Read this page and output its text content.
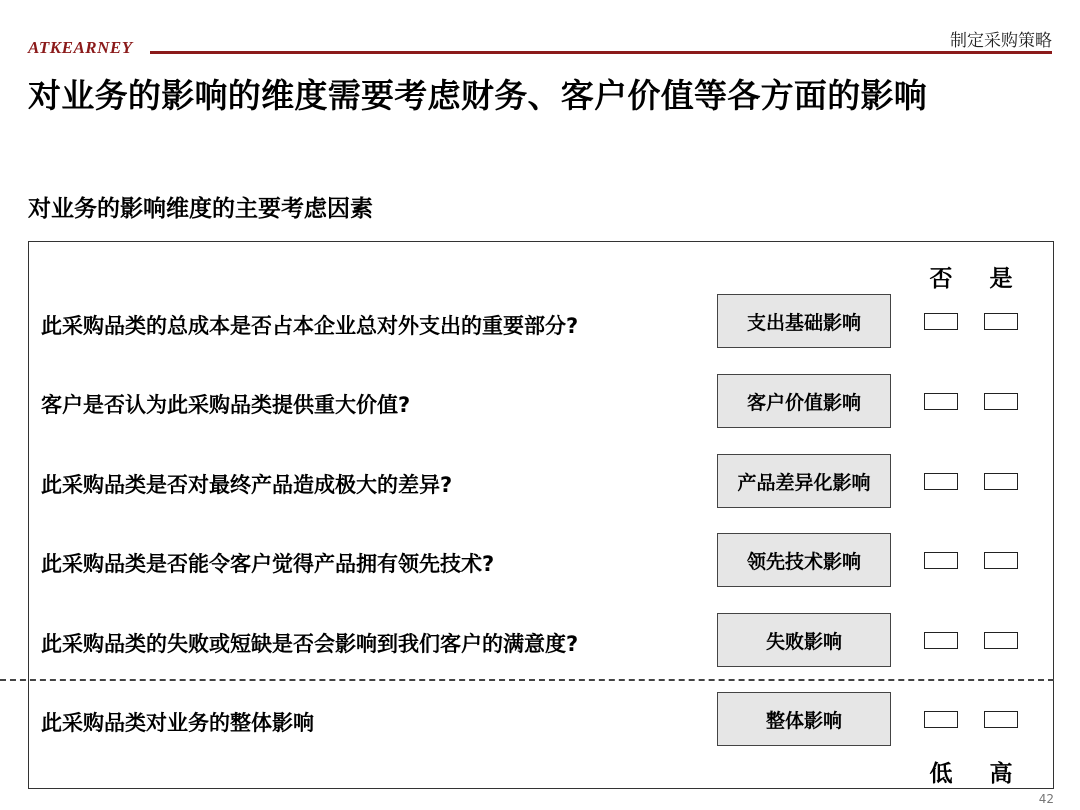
ATKEARNEY	制定采购策略
对业务的影响的维度需要考虑财务、客户价值等各方面的影响
对业务的影响维度的主要考虑因素
否	是
此采购品类的总成本是否占本企业总对外支出的重要部分?	支出基础影响
客户是否认为此采购品类提供重大价值?	客户价值影响
此采购品类是否对最终产品造成极大的差异?	产品差异化影响
此采购品类是否能令客户觉得产品拥有领先技术?	领先技术影响
此采购品类的失败或短缺是否会影响到我们客户的满意度?	失败影响
此采购品类对业务的整体影响	整体影响
低	高
42
